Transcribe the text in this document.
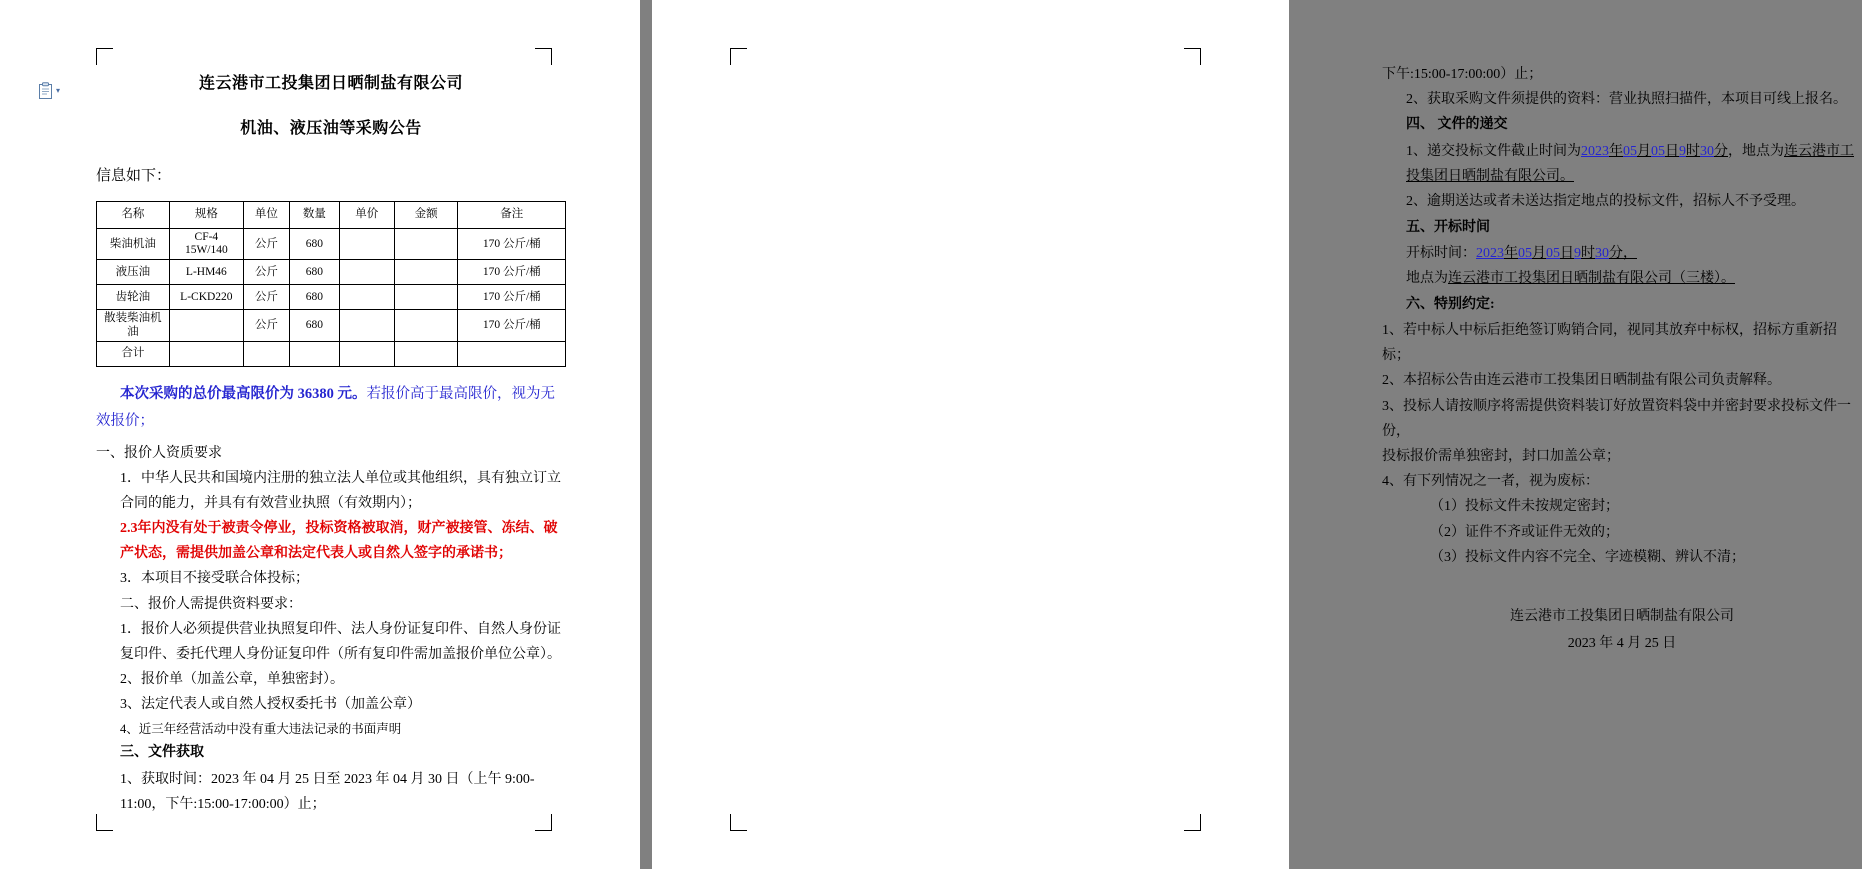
▾	连云港市工投集团日晒制盐有限公司
机油、液压油等采购公告

信息如下：

名称	规格	单位	数量	单价	金额	备注
柴油机油	CF-4 15W/140	公斤	680			170 公斤/桶
液压油	L-HM46	公斤	680			170 公斤/桶
齿轮油	L-CKD220	公斤	680			170 公斤/桶
散装柴油机油		公斤	680			170 公斤/桶
合计						

本次采购的总价最高限价为 36380 元。若报价高于最高限价，视为无效报价；

一、报价人资质要求

1．中华人民共和国境内注册的独立法人单位或其他组织，具有独立订立合同的能力，并具有有效营业执照（有效期内）；

2.3年内没有处于被责令停业，投标资格被取消，财产被接管、冻结、破产状态，需提供加盖公章和法定代表人或自然人签字的承诺书；

3．本项目不接受联合体投标；

二、报价人需提供资料要求：

1．报价人必须提供营业执照复印件、法人身份证复印件、自然人身份证复印件、委托代理人身份证复印件（所有复印件需加盖报价单位公章）。

2、报价单（加盖公章，单独密封）。

3、法定代表人或自然人授权委托书（加盖公章）

4、近三年经营活动中没有重大违法记录的书面声明

三、文件获取

1、获取时间：2023 年 04 月 25 日至 2023 年 04 月 30 日（上午 9:00-11:00，下午:15:00-17:00:00）止；

下午:15:00-17:00:00）止；

2、获取采购文件须提供的资料：营业执照扫描件，本项目可线上报名。

四、 文件的递交

1、递交投标文件截止时间为2023年05月05日9时30分，地点为连云港市工投集团日晒制盐有限公司。

2、逾期送达或者未送达指定地点的投标文件，招标人不予受理。

五、开标时间

开标时间：2023年05月05日9时30分，

地点为连云港市工投集团日晒制盐有限公司（三楼）。

六、特别约定:

1、若中标人中标后拒绝签订购销合同，视同其放弃中标权，招标方重新招标；

2、本招标公告由连云港市工投集团日晒制盐有限公司负责解释。

3、投标人请按顺序将需提供资料装订好放置资料袋中并密封要求投标文件一份，

投标报价需单独密封，封口加盖公章；

4、有下列情况之一者，视为废标：

（1）投标文件未按规定密封；

（2）证件不齐或证件无效的；

（3）投标文件内容不完全、字迹模糊、辨认不清；

连云港市工投集团日晒制盐有限公司
2023 年 4 月 25 日
